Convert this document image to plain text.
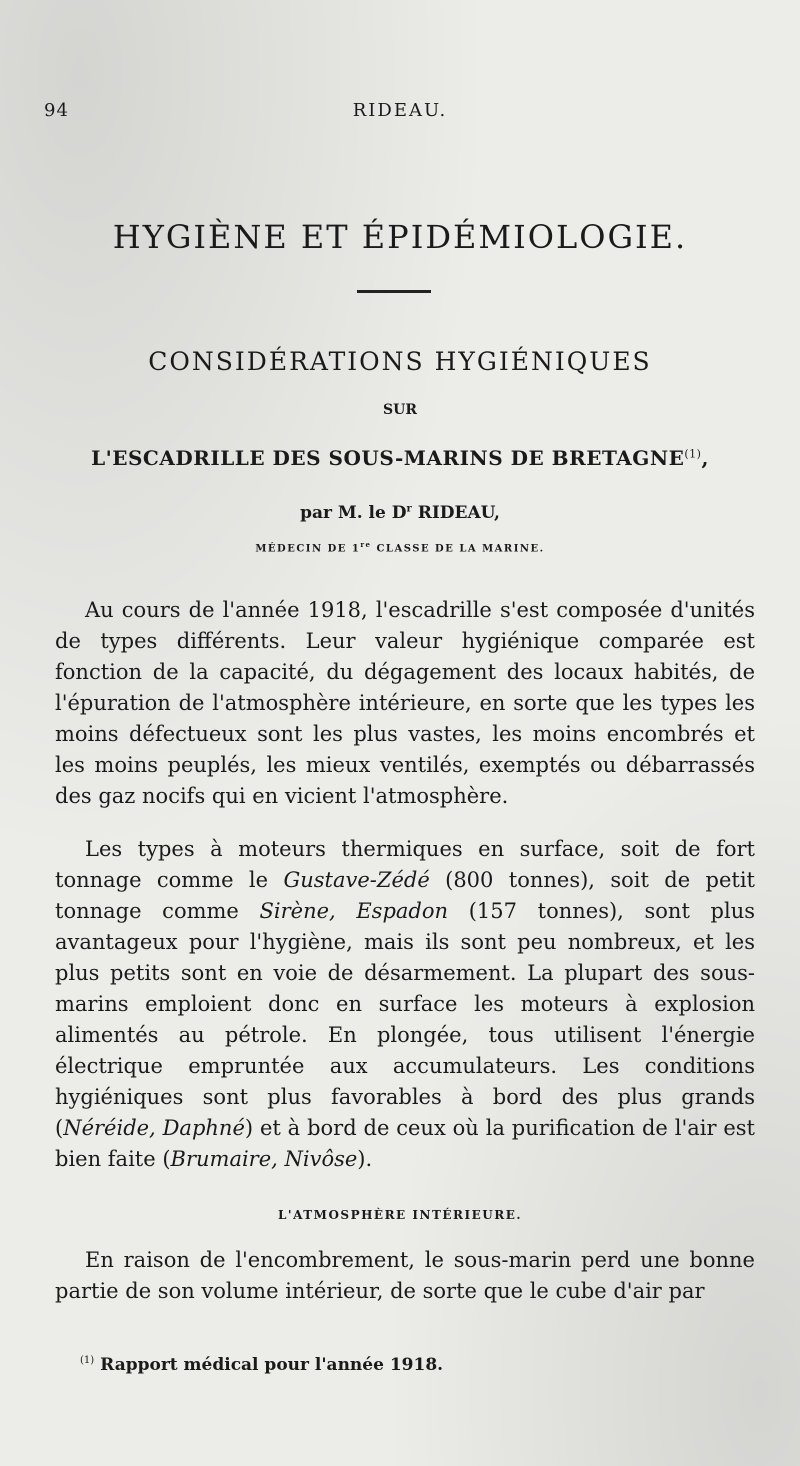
94	RIDEAU.
HYGIÈNE ET ÉPIDÉMIOLOGIE.
CONSIDÉRATIONS HYGIÉNIQUES
SUR
L'ESCADRILLE DES SOUS-MARINS DE BRETAGNE$^{(1)}$,
par M. le $D^r$ RIDEAU,
MÉDECIN DE 1re CLASSE DE LA MARINE.

Au cours de l'année 1918, l'escadrille s'est composée d'unités de types différents. Leur valeur hygiénique comparée est fonction de la capacité, du dégagement des locaux habités, de l'épuration de l'atmosphère intérieure, en sorte que les types les moins défectueux sont les plus vastes, les moins encombrés et les moins peuplés, les mieux ventilés, exemptés ou débarrassés des gaz nocifs qui en vicient l'atmosphère.

Les types à moteurs thermiques en surface, soit de fort tonnage comme le Gustave-Zédé (800 tonnes), soit de petit tonnage comme Sirène, Espadon (157 tonnes), sont plus avantageux pour l'hygiène, mais ils sont peu nombreux, et les plus petits sont en voie de désarmement. La plupart des sous-marins emploient donc en surface les moteurs à explosion alimentés au pétrole. En plongée, tous utilisent l'énergie électrique empruntée aux accumulateurs. Les conditions hygiéniques sont plus favorables à bord des plus grands (Néréide, Daphné) et à bord de ceux où la purification de l'air est bien faite (Brumaire, Nivôse).

L'ATMOSPHÈRE INTÉRIEURE.

En raison de l'encombrement, le sous-marin perd une bonne partie de son volume intérieur, de sorte que le cube d'air par

$^{(1)}$ Rapport médical pour l'année 1918.
